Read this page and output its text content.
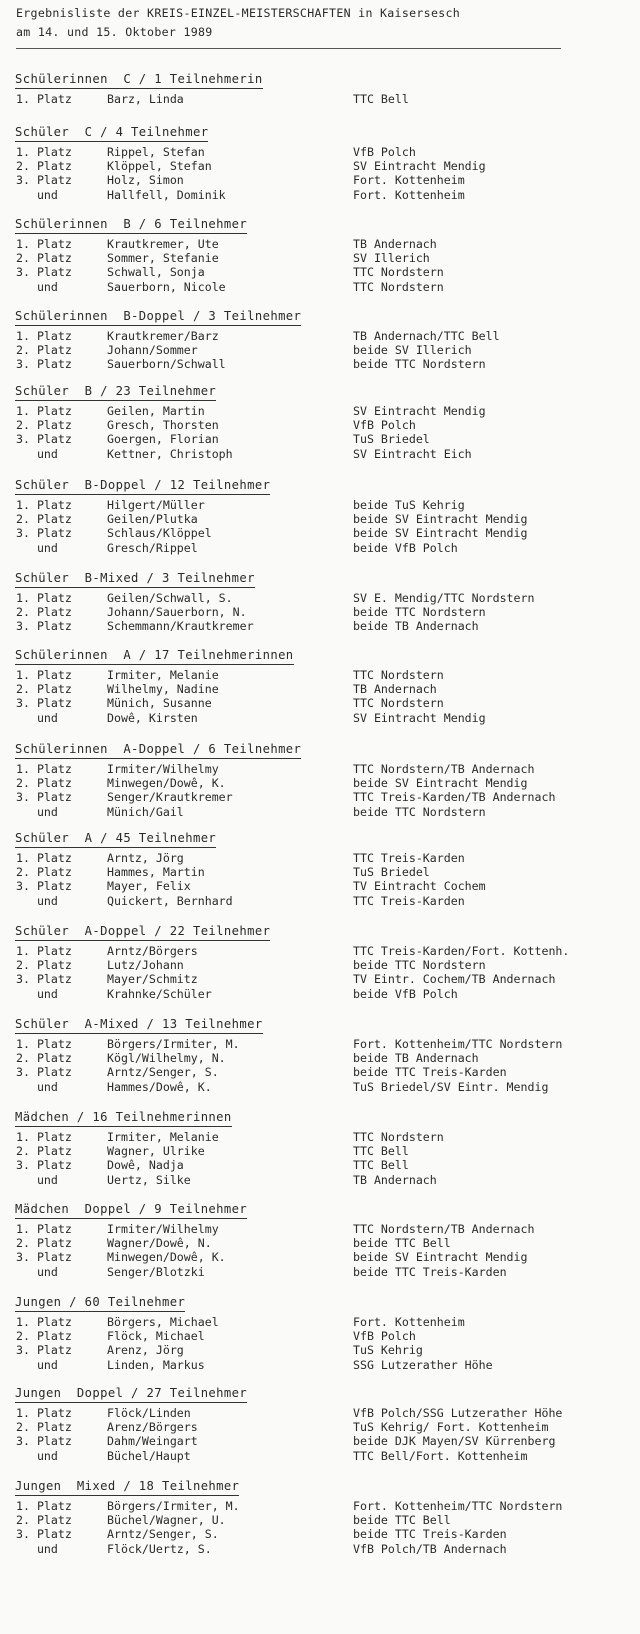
Ergebnisliste der KREIS-EINZEL-MEISTERSCHAFTEN in Kaisersesch
am 14. und 15. Oktober 1989
Schülerinnen  C / 1 Teilnehmerin
1. Platz	Barz, Linda	TTC Bell
Schüler  C / 4 Teilnehmer
1. Platz	Rippel, Stefan	VfB Polch
2. Platz	Klöppel, Stefan	SV Eintracht Mendig
3. Platz	Holz, Simon	Fort. Kottenheim
und	Hallfell, Dominik	Fort. Kottenheim
Schülerinnen  B / 6 Teilnehmer
1. Platz	Krautkremer, Ute	TB Andernach
2. Platz	Sommer, Stefanie	SV Illerich
3. Platz	Schwall, Sonja	TTC Nordstern
und	Sauerborn, Nicole	TTC Nordstern
Schülerinnen  B-Doppel / 3 Teilnehmer
1. Platz	Krautkremer/Barz	TB Andernach/TTC Bell
2. Platz	Johann/Sommer	beide SV Illerich
3. Platz	Sauerborn/Schwall	beide TTC Nordstern
Schüler  B / 23 Teilnehmer
1. Platz	Geilen, Martin	SV Eintracht Mendig
2. Platz	Gresch, Thorsten	VfB Polch
3. Platz	Goergen, Florian	TuS Briedel
und	Kettner, Christoph	SV Eintracht Eich
Schüler  B-Doppel / 12 Teilnehmer
1. Platz	Hilgert/Müller	beide TuS Kehrig
2. Platz	Geilen/Plutka	beide SV Eintracht Mendig
3. Platz	Schlaus/Klöppel	beide SV Eintracht Mendig
und	Gresch/Rippel	beide VfB Polch
Schüler  B-Mixed / 3 Teilnehmer
1. Platz	Geilen/Schwall, S.	SV E. Mendig/TTC Nordstern
2. Platz	Johann/Sauerborn, N.	beide TTC Nordstern
3. Platz	Schemmann/Krautkremer	beide TB Andernach
Schülerinnen  A / 17 Teilnehmerinnen
1. Platz	Irmiter, Melanie	TTC Nordstern
2. Platz	Wilhelmy, Nadine	TB Andernach
3. Platz	Münich, Susanne	TTC Nordstern
und	Dowê, Kirsten	SV Eintracht Mendig
Schülerinnen  A-Doppel / 6 Teilnehmer
1. Platz	Irmiter/Wilhelmy	TTC Nordstern/TB Andernach
2. Platz	Minwegen/Dowê, K.	beide SV Eintracht Mendig
3. Platz	Senger/Krautkremer	TTC Treis-Karden/TB Andernach
und	Münich/Gail	beide TTC Nordstern
Schüler  A / 45 Teilnehmer
1. Platz	Arntz, Jörg	TTC Treis-Karden
2. Platz	Hammes, Martin	TuS Briedel
3. Platz	Mayer, Felix	TV Eintracht Cochem
und	Quickert, Bernhard	TTC Treis-Karden
Schüler  A-Doppel / 22 Teilnehmer
1. Platz	Arntz/Börgers	TTC Treis-Karden/Fort. Kottenh.
2. Platz	Lutz/Johann	beide TTC Nordstern
3. Platz	Mayer/Schmitz	TV Eintr. Cochem/TB Andernach
und	Krahnke/Schüler	beide VfB Polch
Schüler  A-Mixed / 13 Teilnehmer
1. Platz	Börgers/Irmiter, M.	Fort. Kottenheim/TTC Nordstern
2. Platz	Kögl/Wilhelmy, N.	beide TB Andernach
3. Platz	Arntz/Senger, S.	beide TTC Treis-Karden
und	Hammes/Dowê, K.	TuS Briedel/SV Eintr. Mendig
Mädchen / 16 Teilnehmerinnen
1. Platz	Irmiter, Melanie	TTC Nordstern
2. Platz	Wagner, Ulrike	TTC Bell
3. Platz	Dowê, Nadja	TTC Bell
und	Uertz, Silke	TB Andernach
Mädchen  Doppel / 9 Teilnehmer
1. Platz	Irmiter/Wilhelmy	TTC Nordstern/TB Andernach
2. Platz	Wagner/Dowê, N.	beide TTC Bell
3. Platz	Minwegen/Dowê, K.	beide SV Eintracht Mendig
und	Senger/Blotzki	beide TTC Treis-Karden
Jungen / 60 Teilnehmer
1. Platz	Börgers, Michael	Fort. Kottenheim
2. Platz	Flöck, Michael	VfB Polch
3. Platz	Arenz, Jörg	TuS Kehrig
und	Linden, Markus	SSG Lutzerather Höhe
Jungen  Doppel / 27 Teilnehmer
1. Platz	Flöck/Linden	VfB Polch/SSG Lutzerather Höhe
2. Platz	Arenz/Börgers	TuS Kehrig/ Fort. Kottenheim
3. Platz	Dahm/Weingart	beide DJK Mayen/SV Kürrenberg
und	Büchel/Haupt	TTC Bell/Fort. Kottenheim
Jungen  Mixed / 18 Teilnehmer
1. Platz	Börgers/Irmiter, M.	Fort. Kottenheim/TTC Nordstern
2. Platz	Büchel/Wagner, U.	beide TTC Bell
3. Platz	Arntz/Senger, S.	beide TTC Treis-Karden
und	Flöck/Uertz, S.	VfB Polch/TB Andernach
